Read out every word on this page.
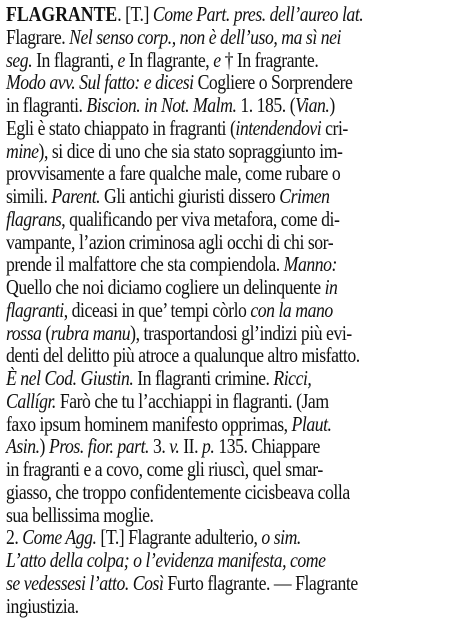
FLAGRANTE. [T.] Come Part. pres. dell’aureo lat.
Flagrare. Nel senso corp., non è dell’uso, ma sì nei
seg. In flagranti, e In flagrante, e † In fragrante.
Modo avv. Sul fatto: e dicesi Cogliere o Sorprendere
in flagranti. Biscion. in Not. Malm. 1. 185. (Vian.)
Egli è stato chiappato in fragranti (intendendovi cri-
mine), si dice di uno che sia stato sopraggiunto im-
provvisamente a fare qualche male, come rubare o
simili. Parent. Gli antichi giuristi dissero Crimen
flagrans, qualificando per viva metafora, come di-
vampante, l’azion criminosa agli occhi di chi sor-
prende il malfattore che sta compiendola. Manno:
Quello che noi diciamo cogliere un delinquente in
flagranti, diceasi in que’ tempi còrlo con la mano
rossa (rubra manu), trasportandosi gl’indizi più evi-
denti del delitto più atroce a qualunque altro misfatto.
È nel Cod. Giustin. In flagranti crimine. Ricci,
Callígr. Farò che tu l’acchiappi in flagranti. (Jam
faxo ipsum hominem manifesto opprimas, Plaut.
Asin.) Pros. fior. part. 3. v. II. p. 135. Chiappare
in fragranti e a covo, come gli riuscì, quel smar-
giasso, che troppo confidentemente cicisbeava colla
sua bellissima moglie.
2. Come Agg. [T.] Flagrante adulterio, o sim.
L’atto della colpa; o l’evidenza manifesta, come
se vedessesi l’atto. Così Furto flagrante. — Flagrante
ingiustizia.
